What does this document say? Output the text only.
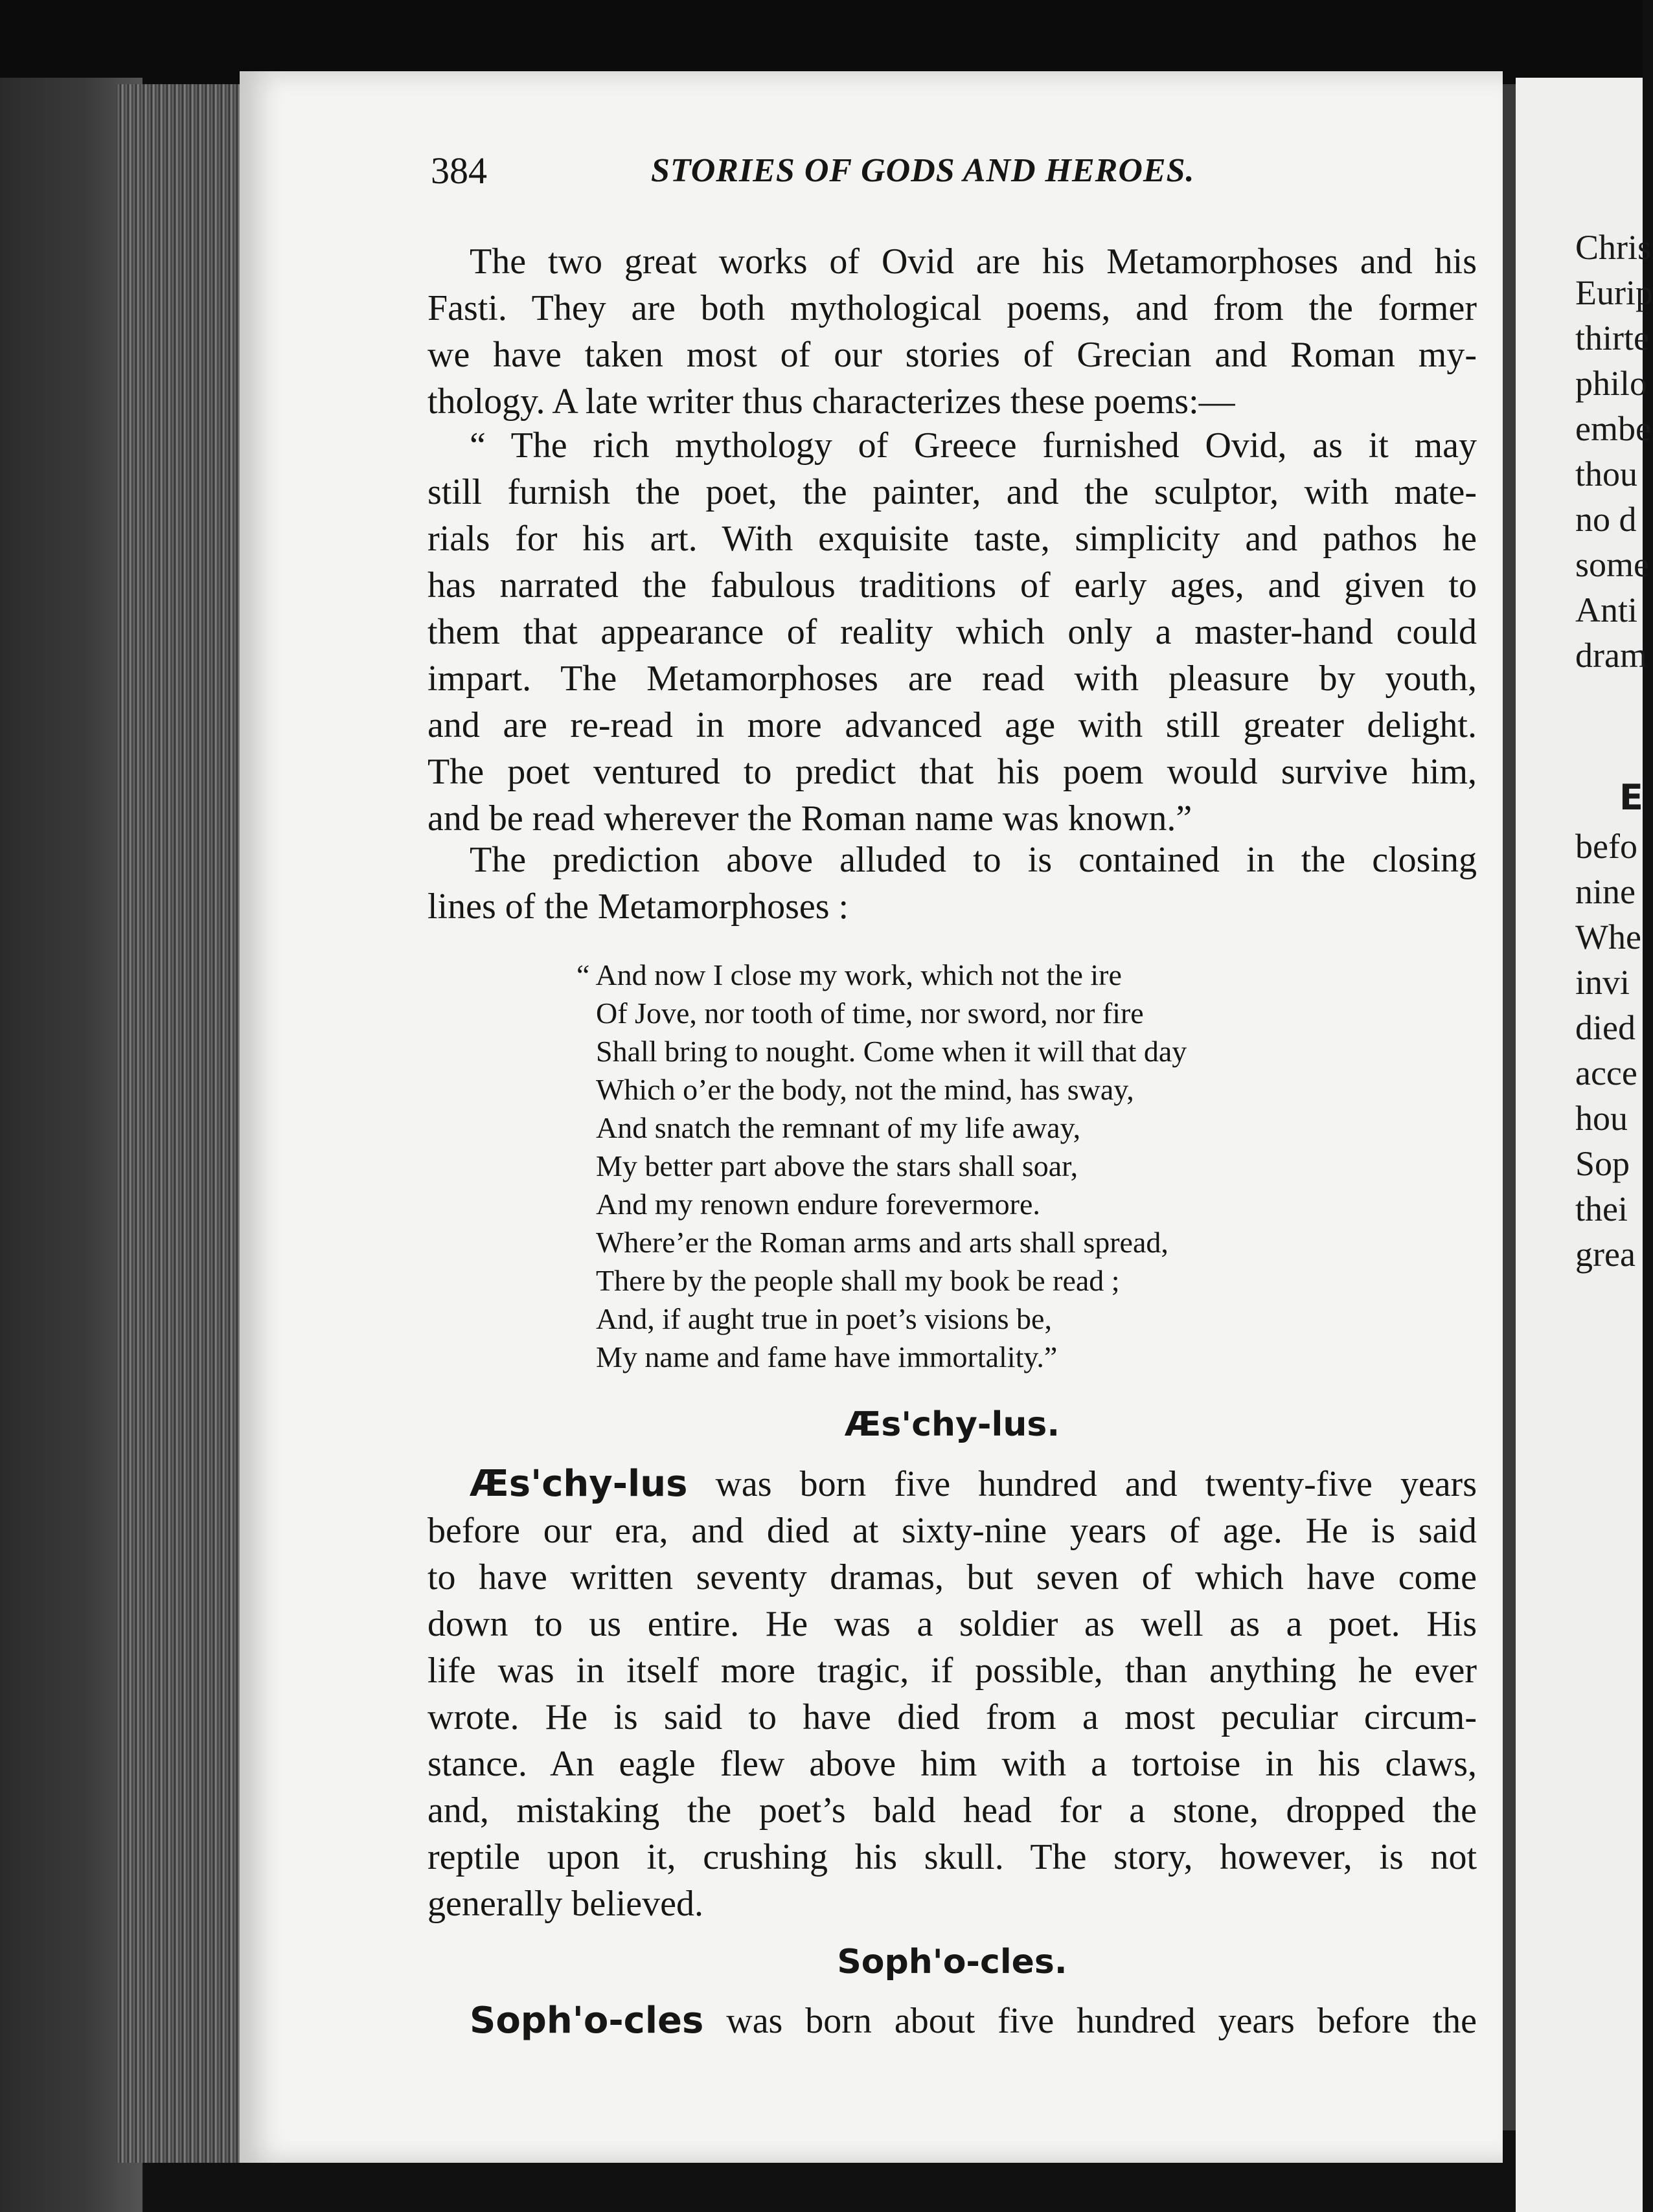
Chris
Eurip
thirte
philo
embe
thou
no d
some
Anti
dram
E
befo
nine
Whe
invi
died
acce
hou
Sop
thei
grea
384	STORIES OF GODS AND HEROES.
The two great works of Ovid are his Metamorphoses and his
Fasti. They are both mythological poems, and from the former
we have taken most of our stories of Grecian and Roman my-
thology. A late writer thus characterizes these poems:—
“ The rich mythology of Greece furnished Ovid, as it may
still furnish the poet, the painter, and the sculptor, with mate-
rials for his art. With exquisite taste, simplicity and pathos he
has narrated the fabulous traditions of early ages, and given to
them that appearance of reality which only a master-hand could
impart. The Metamorphoses are read with pleasure by youth,
and are re-read in more advanced age with still greater delight.
The poet ventured to predict that his poem would survive him,
and be read wherever the Roman name was known.”
The prediction above alluded to is contained in the closing
lines of the Metamorphoses :
“ And now I close my work, which not the ire
Of Jove, nor tooth of time, nor sword, nor fire
Shall bring to nought. Come when it will that day
Which o’er the body, not the mind, has sway,
And snatch the remnant of my life away,
My better part above the stars shall soar,
And my renown endure forevermore.
Where’er the Roman arms and arts shall spread,
There by the people shall my book be read ;
And, if aught true in poet’s visions be,
My name and fame have immortality.”
Æs'chy-lus.
Æs'chy-lus was born five hundred and twenty-five years
before our era, and died at sixty-nine years of age. He is said
to have written seventy dramas, but seven of which have come
down to us entire. He was a soldier as well as a poet. His
life was in itself more tragic, if possible, than anything he ever
wrote. He is said to have died from a most peculiar circum-
stance. An eagle flew above him with a tortoise in his claws,
and, mistaking the poet’s bald head for a stone, dropped the
reptile upon it, crushing his skull. The story, however, is not
generally believed.
Soph'o-cles.
Soph'o-cles was born about five hundred years before the
